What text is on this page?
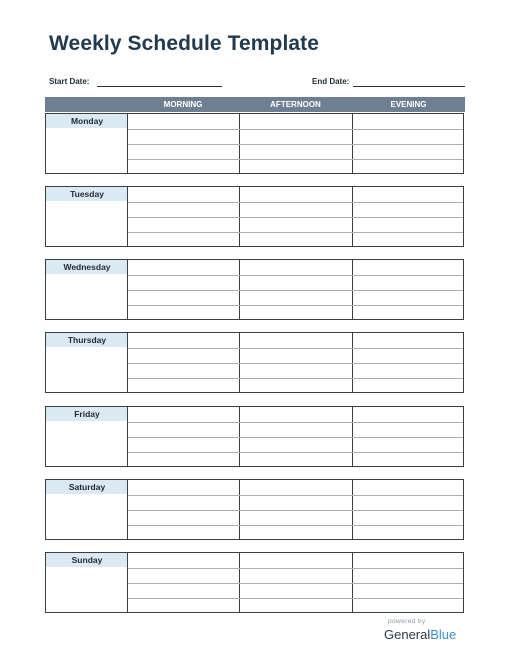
Weekly Schedule Template
Start Date:	End Date:
MORNING	AFTERNOON	EVENING
Monday
Tuesday
Wednesday
Thursday
Friday
Saturday
Sunday
powered by
GeneralBlue
